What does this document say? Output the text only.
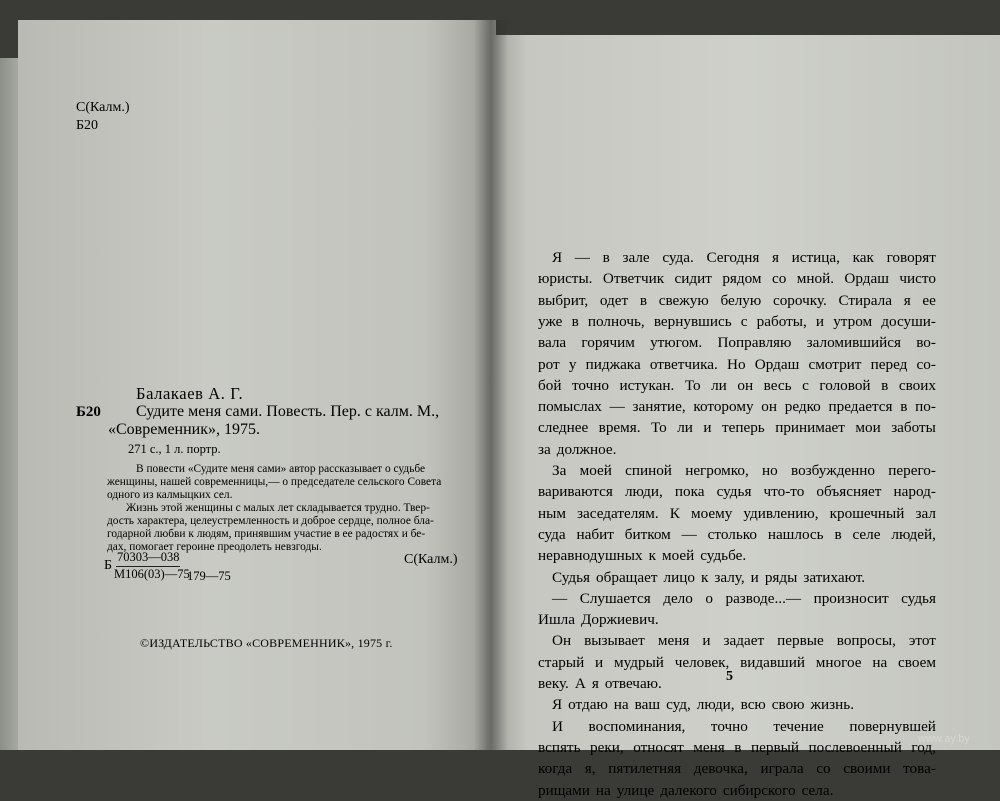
С(Калм.)
Б20
Балакаев А. Г.
Б20 Судите меня сами. Повесть. Пер. с калм. М.,
«Современник», 1975.
271 с., 1 л. портр.
В повести «Судите меня сами» автор рассказывает о судьбе
женщины, нашей современницы,— о председателе сельского Совета
одного из калмыцких сел.
Жизнь этой женщины с малых лет складывается трудно. Твер-
дость характера, целеустремленность и доброе сердце, полное бла-
годарной любви к людям, принявшим участие в ее радостях и бе-
дах, помогает героине преодолеть невзгоды.
Б
70303—038
М106(03)—75
179—75
С(Калм.)
©ИЗДАТЕЛЬСТВО «СОВРЕМЕННИК», 1975 г.
Я — в зале суда. Сегодня я истица, как говорят
юристы. Ответчик сидит рядом со мной. Ордаш чисто
выбрит, одет в свежую белую сорочку. Стирала я ее
уже в полночь, вернувшись с работы, и утром досуши-
вала горячим утюгом. Поправляю заломившийся во-
рот у пиджака ответчика. Но Ордаш смотрит перед со-
бой точно истукан. То ли он весь с головой в своих
помыслах — занятие, которому он редко предается в по-
следнее время. То ли и теперь принимает мои заботы
за должное.
За моей спиной негромко, но возбужденно перего-
вариваются люди, пока судья что-то объясняет народ-
ным заседателям. К моему удивлению, крошечный зал
суда набит битком — столько нашлось в селе людей,
неравнодушных к моей судьбе.
Судья обращает лицо к залу, и ряды затихают.
— Слушается дело о разводе...— произносит судья
Ишла Доржиевич.
Он вызывает меня и задает первые вопросы, этот
старый и мудрый человек, видавший многое на своем
веку. А я отвечаю.
Я отдаю на ваш суд, люди, всю свою жизнь.
И воспоминания, точно течение повернувшей
вспять реки, относят меня в первый послевоенный год,
когда я, пятилетняя девочка, играла со своими това-
рищами на улице далекого сибирского села.
5
www.ay.by
